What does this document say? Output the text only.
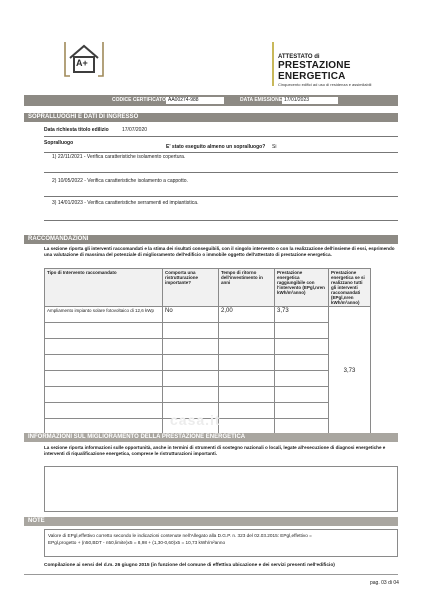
A+
ATTESTATO di
PRESTAZIONE ENERGETICA
Cinquecento edifici ad uso di residenza e assimilabili
CODICE CERTIFICATO AA00274-988	DATA EMISSIONE 17/01/2023
SOPRALLUOGHI E DATI DI INGRESSO
Data richiesta titolo edilizio	17/07/2020
Sopralluogo
E' stato eseguito almeno un sopralluogo? Si
1) 22/11/2021 - Verifica caratteristiche isolamento copertura.
2) 10/05/2022 - Verifica caratteristiche isolamento a cappotto.
3) 14/01/2023 - Verifica caratteristiche serramenti ed impiantistica.
RACCOMANDAZIONI
La sezione riporta gli interventi raccomandati e la stima dei risultati conseguibili, con il singolo intervento o con la realizzazione dell'insieme di essi, esprimendo una valutazione di massima del potenziale di miglioramento dell'edificio o immobile oggetto dell'attestato di prestazione energetica.
Tipo di Intervento raccomandato	Comporta una ristrutturazione importante?	Tempo di ritorno dell'investimento in anni	Prestazione energetica raggiungibile con l'intervento (EPgl,nren kWh/m²anno)	Prestazione energetica se si realizzano tutti gli interventi raccomandati (EPgl,nren kWh/m²anno)
Ampliamento impianto solare fotovoltaico di 12,6 kWp	No	2,00	3,73	3,73

casa.it
INFORMAZIONI SUL MIGLIORAMENTO DELLA PRESTAZIONE ENERGETICA
La sezione riporta informazioni sulle opportunità, anche in termini di strumenti di sostegno nazionali o locali, legate all'esecuzione di diagnosi energetiche e interventi di riqualificazione energetica, comprese le ristrutturazioni importanti.
NOTE
Valore di EPgl,effettivo corretto secondo le indicazioni contenute nell'Allegato alla D.G.P. n. 323 del 02.03.2015: EPgl,effettivo =
EPgl,progetto + (n50,BDT - n50,limite)x5 = 8,98 + (1,30-0,60)x5 = 10,73 kWh/m²anno
Compilazione ai sensi del d.m. 26 giugno 2015 (in funzione del comune di effettiva ubicazione e dei servizi presenti nell'edificio)
pag. 03 di 04
